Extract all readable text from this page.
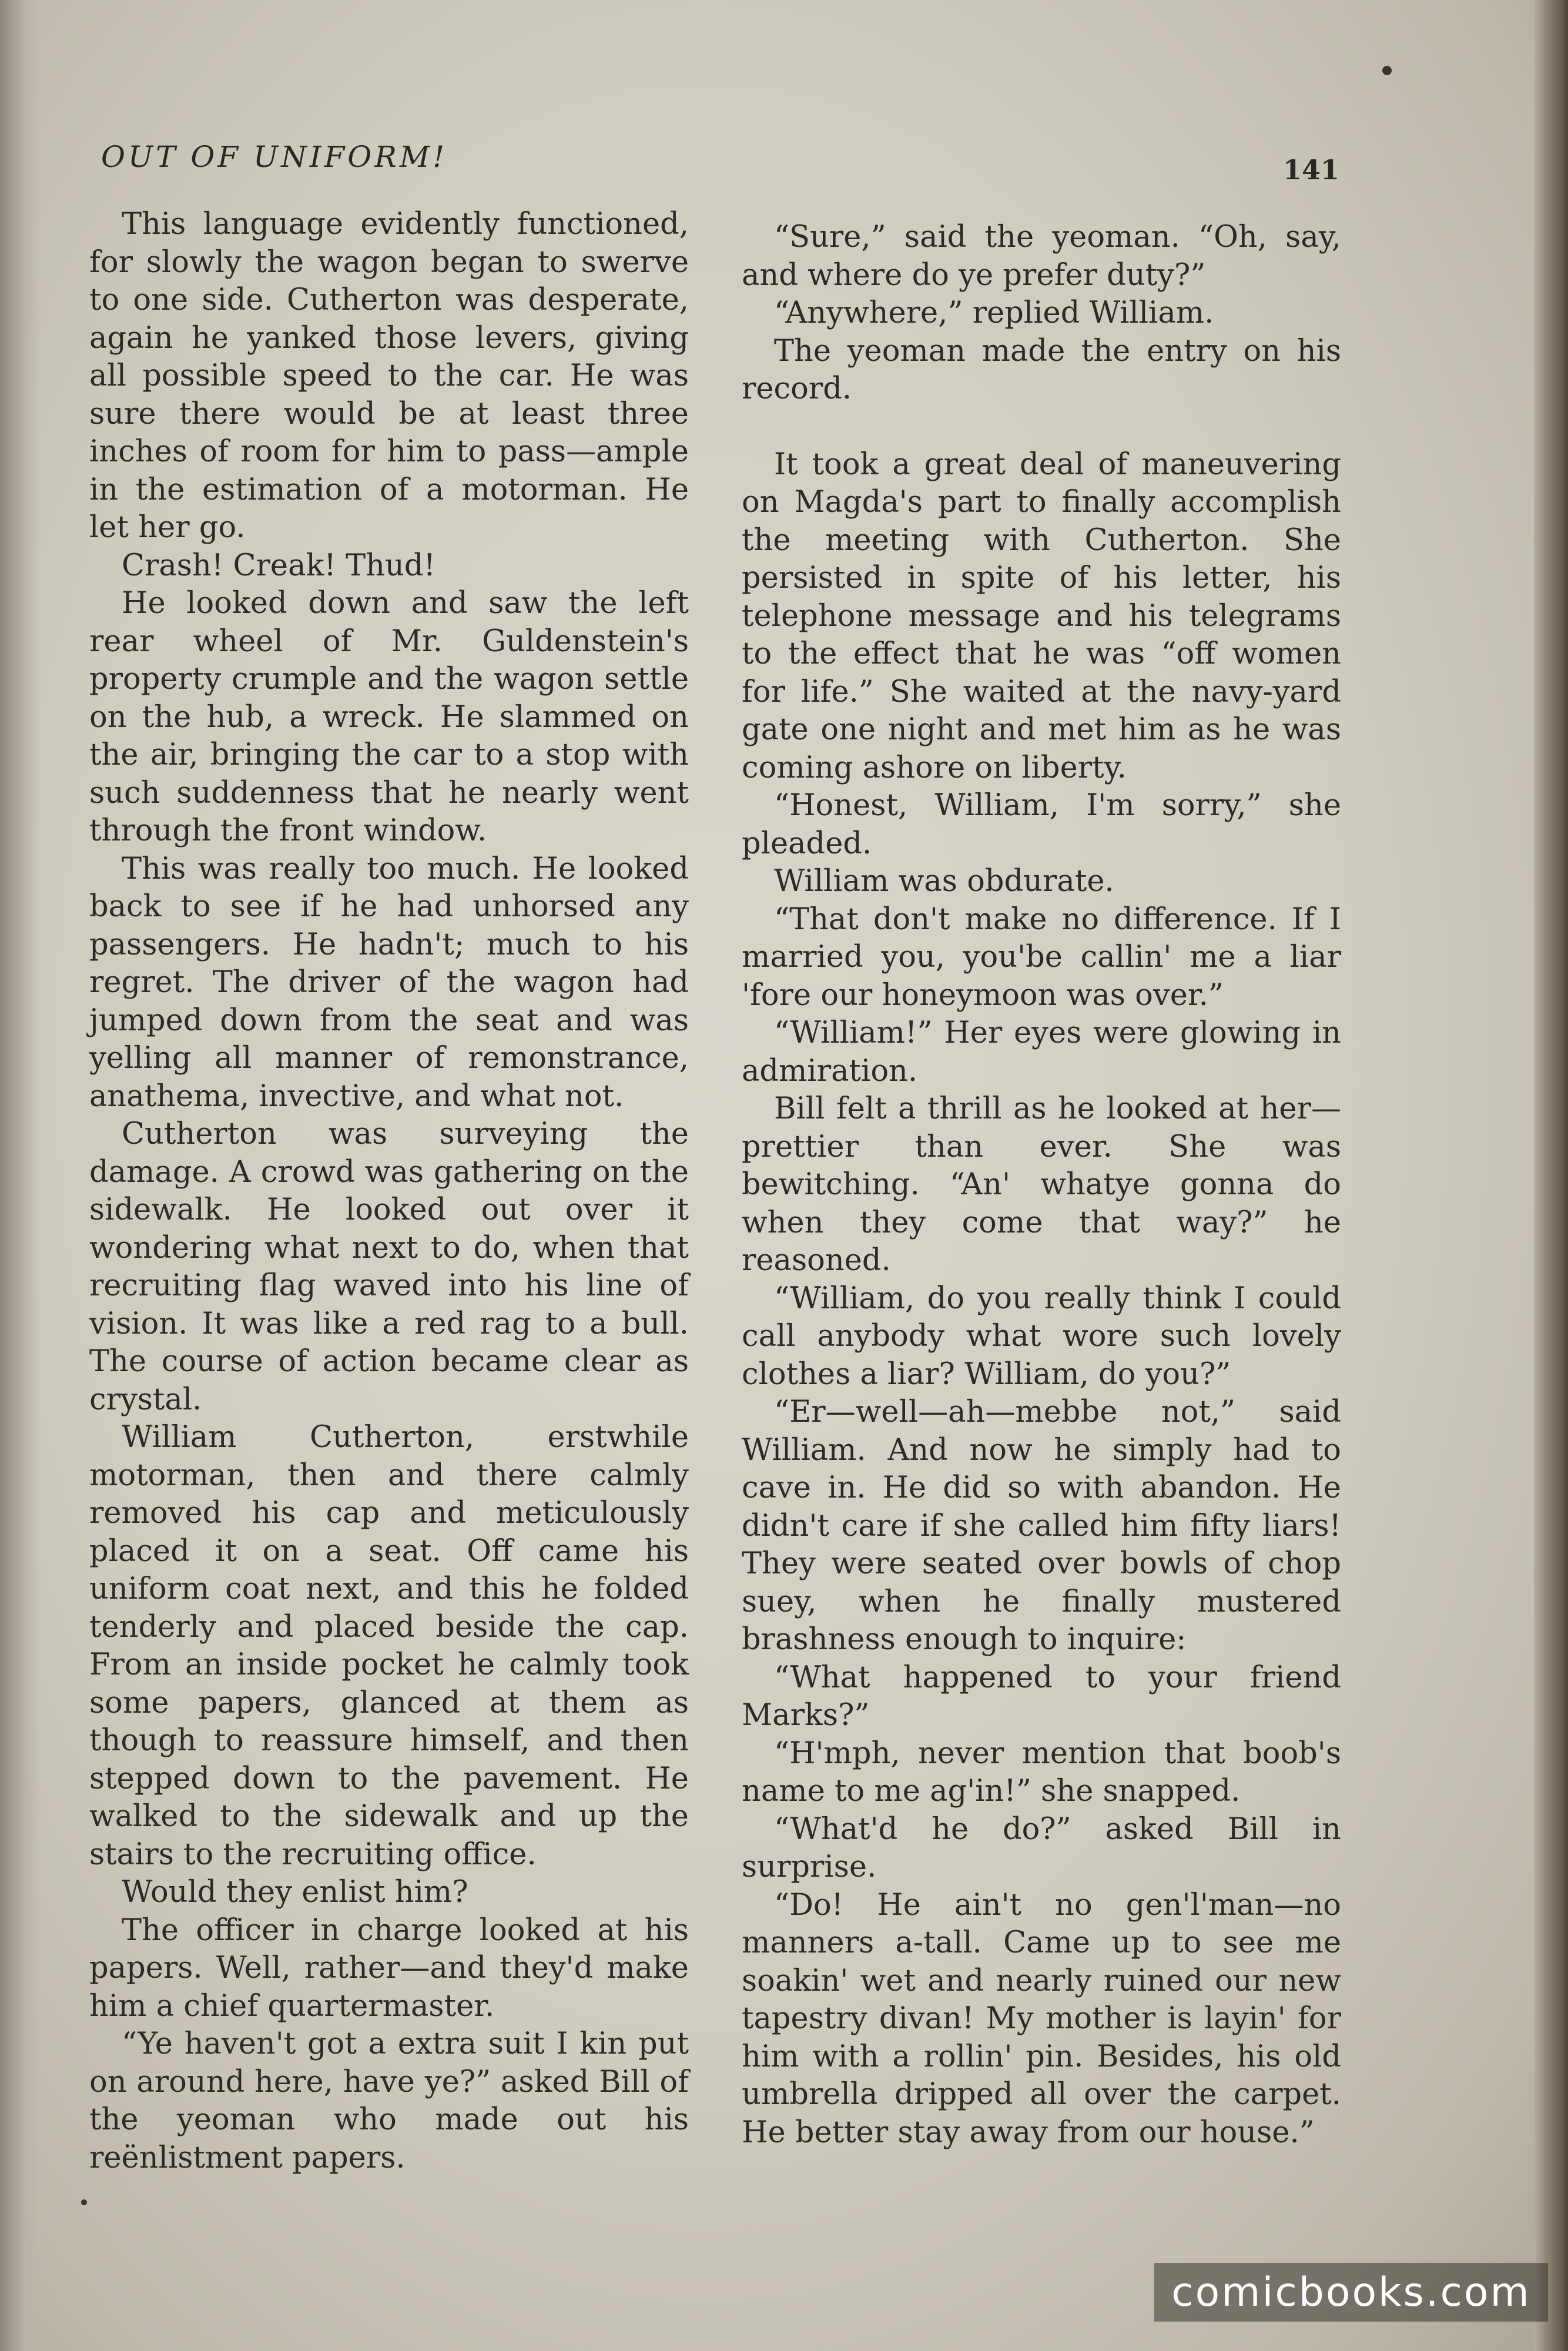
OUT OF UNIFORM!	141

This language evidently functioned, for slowly the wagon began to swerve to one side. Cutherton was desperate, again he yanked those levers, giving all possible speed to the car. He was sure there would be at least three inches of room for him to pass—ample in the estimation of a motorman. He let her go.

Crash! Creak! Thud!

He looked down and saw the left rear wheel of Mr. Guldenstein's property crumple and the wagon settle on the hub, a wreck. He slammed on the air, bringing the car to a stop with such suddenness that he nearly went through the front window.

This was really too much. He looked back to see if he had unhorsed any passengers. He hadn't; much to his regret. The driver of the wagon had jumped down from the seat and was yelling all manner of remonstrance, anathema, invective, and what not.

Cutherton was surveying the damage. A crowd was gathering on the sidewalk. He looked out over it wondering what next to do, when that recruiting flag waved into his line of vision. It was like a red rag to a bull. The course of action became clear as crystal.

William Cutherton, erstwhile motorman, then and there calmly removed his cap and meticulously placed it on a seat. Off came his uniform coat next, and this he folded tenderly and placed beside the cap. From an inside pocket he calmly took some papers, glanced at them as though to reassure himself, and then stepped down to the pavement. He walked to the sidewalk and up the stairs to the recruiting office.

Would they enlist him?

The officer in charge looked at his papers. Well, rather—and they'd make him a chief quartermaster.

“Ye haven't got a extra suit I kin put on around here, have ye?” asked Bill of the yeoman who made out his reënlistment papers.

“Sure,” said the yeoman. “Oh, say, and where do ye prefer duty?”

“Anywhere,” replied William.

The yeoman made the entry on his record.

It took a great deal of maneuvering on Magda's part to finally accomplish the meeting with Cutherton. She persisted in spite of his letter, his telephone message and his telegrams to the effect that he was “off women for life.” She waited at the navy-yard gate one night and met him as he was coming ashore on liberty.

“Honest, William, I'm sorry,” she pleaded.

William was obdurate.

“That don't make no difference. If I married you, you'be callin' me a liar 'fore our honeymoon was over.”

“William!” Her eyes were glowing in admiration.

Bill felt a thrill as he looked at her—prettier than ever. She was bewitching. “An' whatye gonna do when they come that way?” he reasoned.

“William, do you really think I could call anybody what wore such lovely clothes a liar? William, do you?”

“Er—well—ah—mebbe not,” said William. And now he simply had to cave in. He did so with abandon. He didn't care if she called him fifty liars! They were seated over bowls of chop suey, when he finally mustered brashness enough to inquire:

“What happened to your friend Marks?”

“H'mph, never mention that boob's name to me ag'in!” she snapped.

“What'd he do?” asked Bill in surprise.

“Do! He ain't no gen'l'man—no manners a-tall. Came up to see me soakin' wet and nearly ruined our new tapestry divan! My mother is layin' for him with a rollin' pin. Besides, his old umbrella dripped all over the carpet. He better stay away from our house.”

comicbooks.com
